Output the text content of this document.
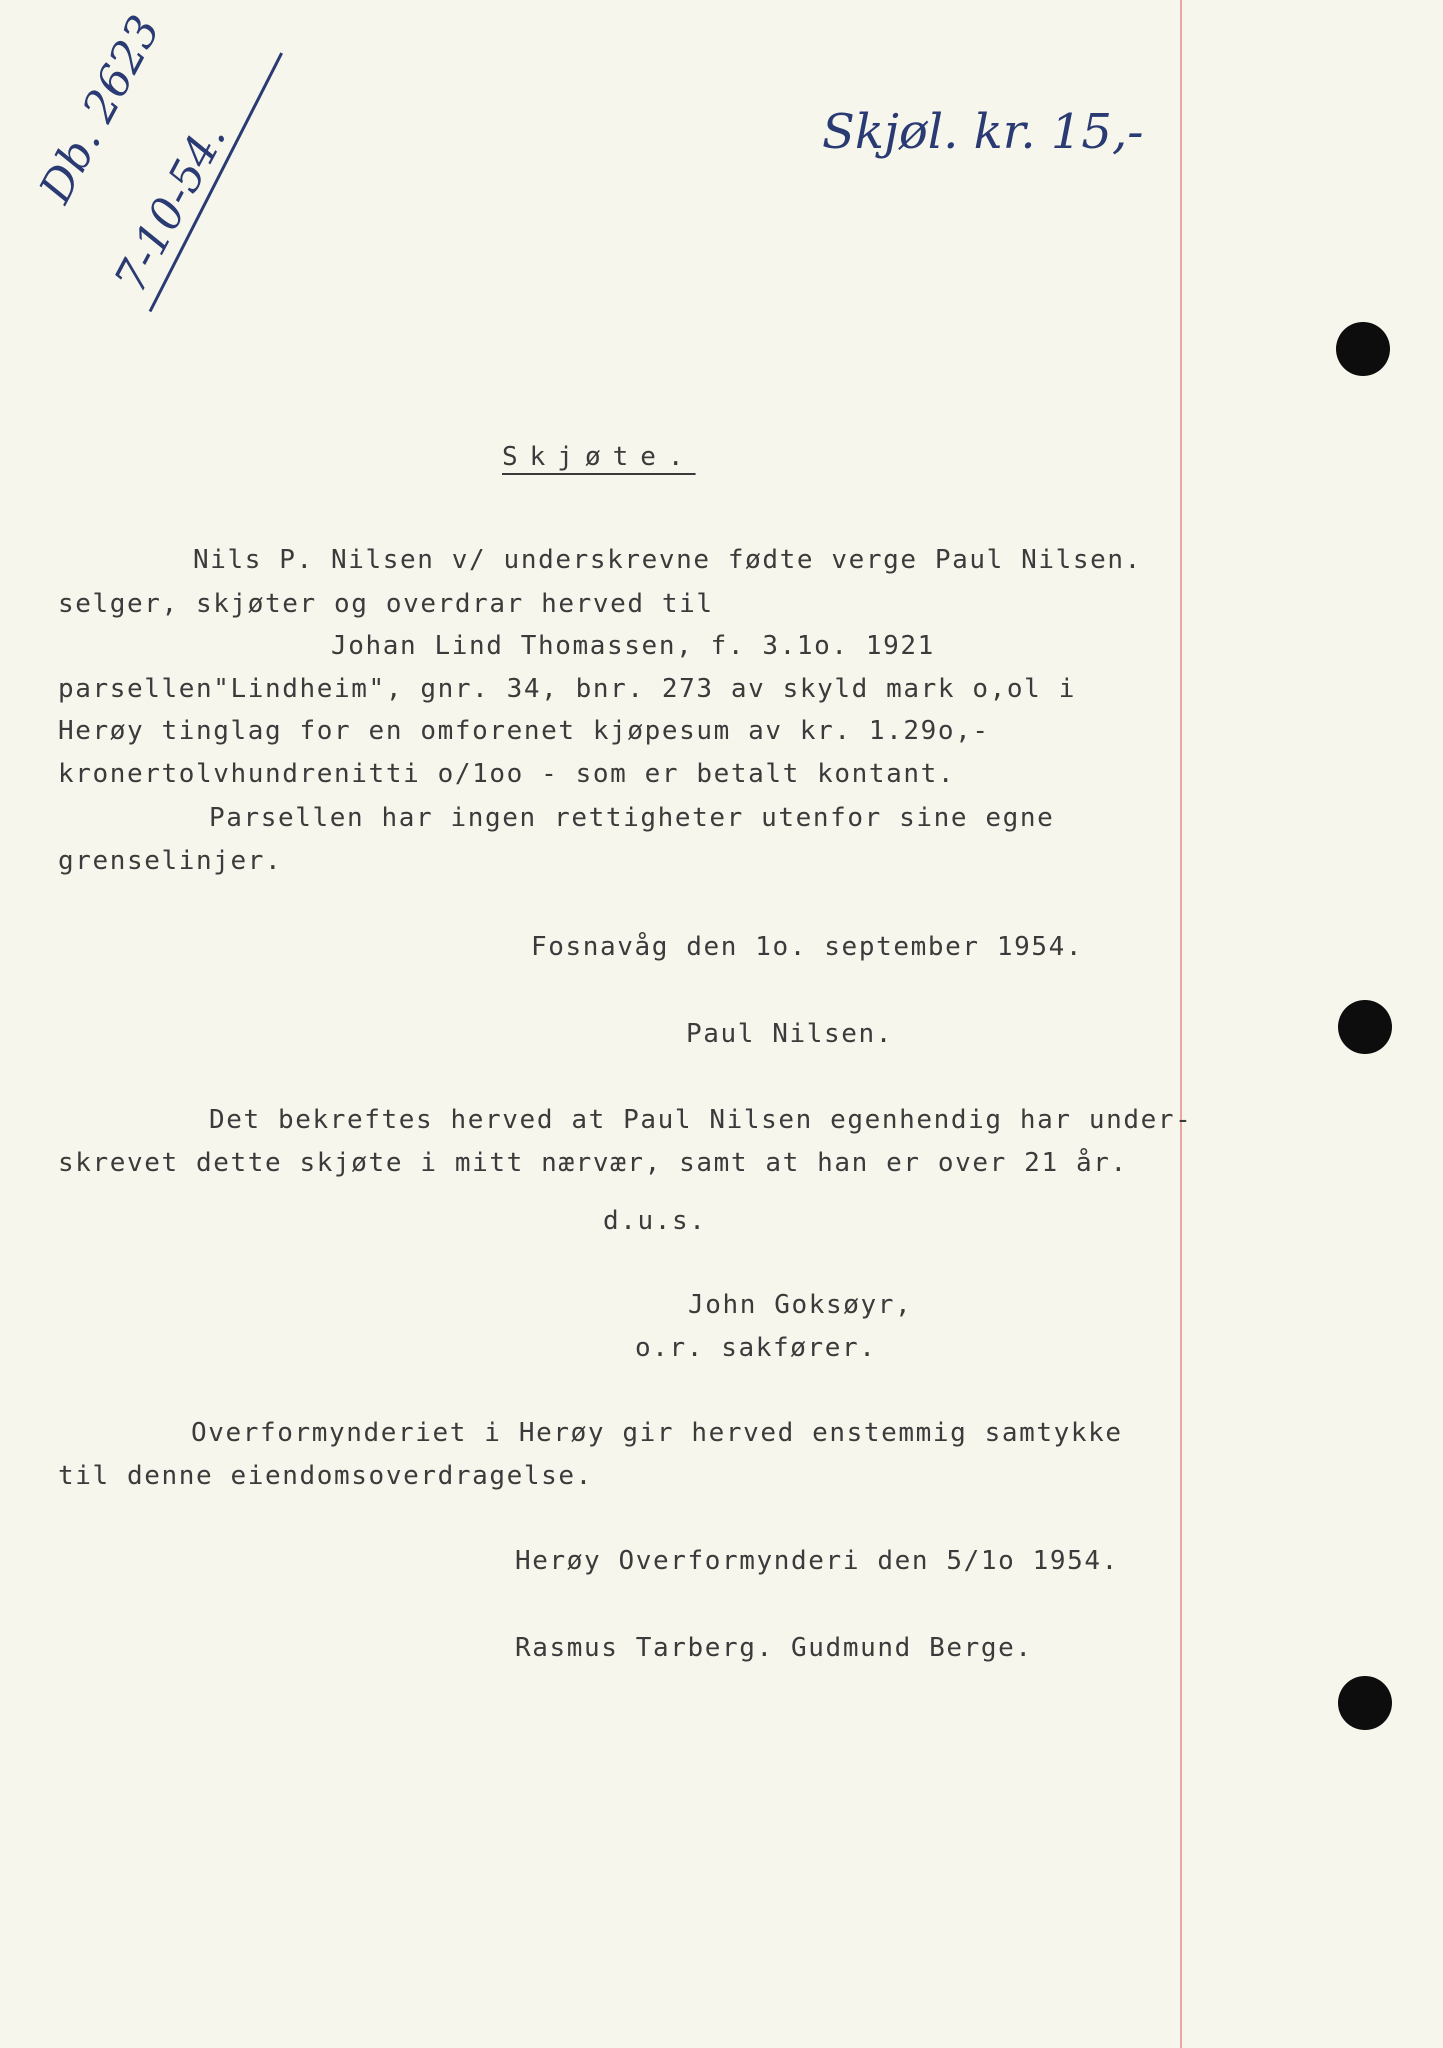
Db. 2623
7-10-54.	Skjøl. kr. 15,-
Skjøte.
Nils P. Nilsen v/ underskrevne fødte verge Paul Nilsen.
selger, skjøter og overdrar herved til
Johan Lind Thomassen, f. 3.1o. 1921
parsellen"Lindheim", gnr. 34, bnr. 273 av skyld mark o,ol i
Herøy tinglag for en omforenet kjøpesum av kr. 1.29o,-
kronertolvhundrenitti o/1oo - som er betalt kontant.
Parsellen har ingen rettigheter utenfor sine egne
grenselinjer.
Fosnavåg den 1o. september 1954.
Paul Nilsen.
Det bekreftes herved at Paul Nilsen egenhendig har under-
skrevet dette skjøte i mitt nærvær, samt at han er over 21 år.
d.u.s.
John Goksøyr,
o.r. sakfører.
Overformynderiet i Herøy gir herved enstemmig samtykke
til denne eiendomsoverdragelse.
Herøy Overformynderi den 5/1o 1954.
Rasmus Tarberg. Gudmund Berge.
